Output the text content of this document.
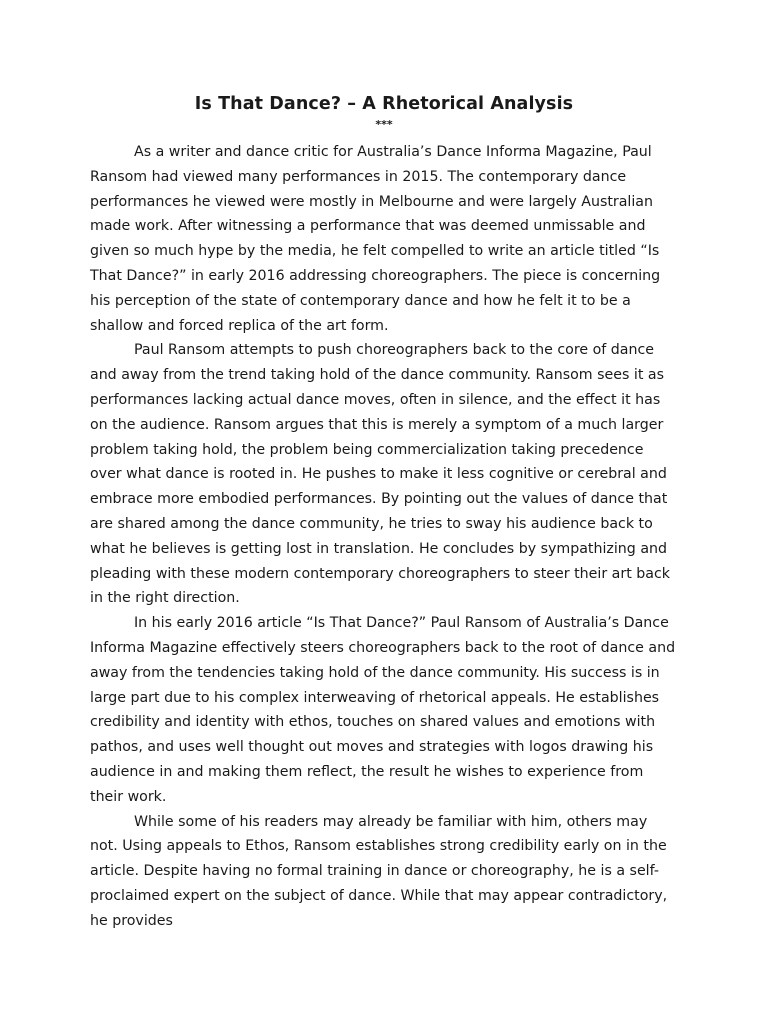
Is That Dance? – A Rhetorical Analysis
***

As a writer and dance critic for Australia’s Dance Informa Magazine, Paul Ransom had viewed many performances in 2015. The contemporary dance performances he viewed were mostly in Melbourne and were largely Australian made work. After witnessing a performance that was deemed unmissable and given so much hype by the media, he felt compelled to write an article titled “Is That Dance?” in early 2016 addressing choreographers. The piece is concerning his perception of the state of contemporary dance and how he felt it to be a shallow and forced replica of the art form.

Paul Ransom attempts to push choreographers back to the core of dance and away from the trend taking hold of the dance community. Ransom sees it as performances lacking actual dance moves, often in silence, and the effect it has on the audience. Ransom argues that this is merely a symptom of a much larger problem taking hold, the problem being commercialization taking precedence over what dance is rooted in. He pushes to make it less cognitive or cerebral and embrace more embodied performances. By pointing out the values of dance that are shared among the dance community, he tries to sway his audience back to what he believes is getting lost in translation. He concludes by sympathizing and pleading with these modern contemporary choreographers to steer their art back in the right direction.

In his early 2016 article “Is That Dance?” Paul Ransom of Australia’s Dance Informa Magazine effectively steers choreographers back to the root of dance and away from the tendencies taking hold of the dance community. His success is in large part due to his complex interweaving of rhetorical appeals. He establishes credibility and identity with ethos, touches on shared values and emotions with pathos, and uses well thought out moves and strategies with logos drawing his audience in and making them reflect, the result he wishes to experience from their work.

While some of his readers may already be familiar with him, others may not. Using appeals to Ethos, Ransom establishes strong credibility early on in the article. Despite having no formal training in dance or choreography, he is a self-proclaimed expert on the subject of dance. While that may appear contradictory, he provides
